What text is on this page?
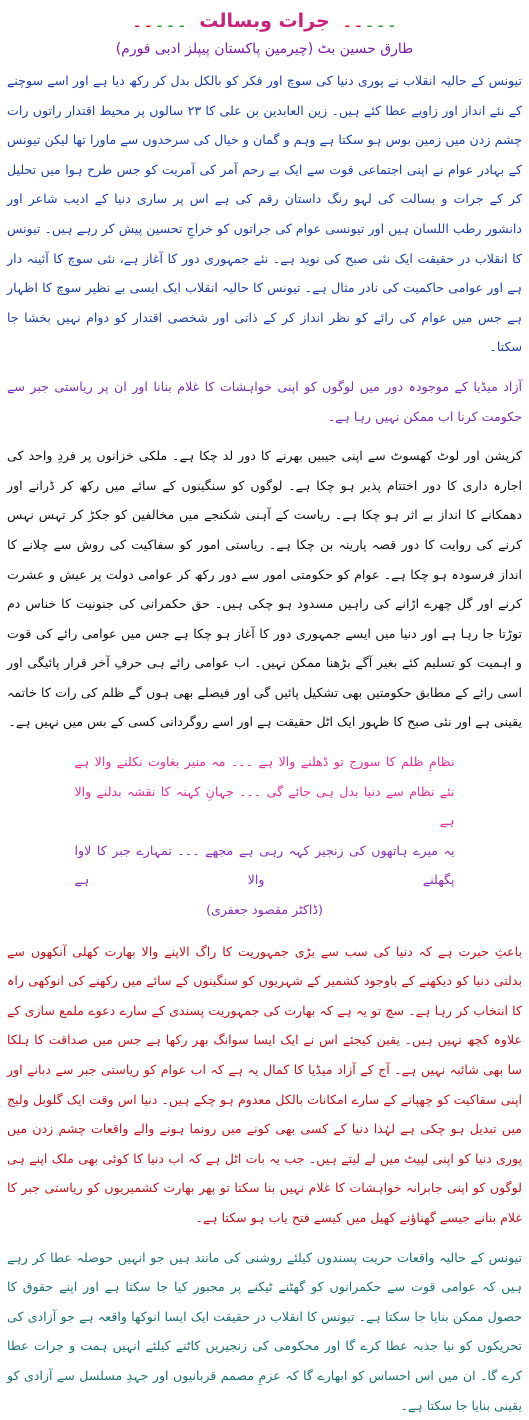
۔۔۔۔۔ جرات وبسالت ۔۔۔۔۔
طارق حسین بٹ (چیرمین پاکستان پیپلز ادبی فورم)

تیونس کے حالیہ انقلاب نے پوری دنیا کی سوچ اور فکر کو بالکل بدل کر رکھ دیا ہے اور اسے سوچنے کے نئے انداز اور زاویے عطا کئے ہیں۔ زین العابدین بن علی کا ۲۳ سالوں پر محیط اقتدار راتوں رات چشم زدن میں زمین بوس ہو سکتا ہے وہم و گمان و خیال کی سرحدوں سے ماورا تھا لیکن تیونس کے بہادر عوام نے اپنی اجتماعی قوت سے ایک بے رحم آمر کی آمریت کو جس طرح ہوا میں تحلیل کر کے جرات و بسالت کی لہو رنگ داستان رقم کی ہے اس پر ساری دنیا کے ادیب شاعر اور دانشور رطب اللسان ہیں اور تیونسی عوام کی جراتوں کو خراجِ تحسین پیش کر رہے ہیں۔ تیونس کا انقلاب در حقیقت ایک نئی صبح کی نوید ہے۔ نئے جمہوری دور کا آغاز ہے، نئی سوچ کا آئینہ دار ہے اور عوامی حاکمیت کی نادر مثال ہے۔ تیونس کا حالیہ انقلاب ایک ایسی بے نظیر سوچ کا اظہار ہے جس میں عوام کی رائے کو نظر انداز کر کے ذاتی اور شخصی اقتدار کو دوام نہیں بخشا جا سکتا۔

آزاد میڈیا کے موجودہ دور میں لوگوں کو اپنی خواہشات کا غلام بنانا اور ان پر ریاستی جبر سے حکومت کرنا اب ممکن نہیں رہا ہے۔

کرپشن اور لوٹ کھسوٹ سے اپنی جیبیں بھرنے کا دور لد چکا ہے۔ ملکی خزانوں پر فردِ واحد کی اجارہ داری کا دور اختتام پذیر ہو چکا ہے۔ لوگوں کو سنگینوں کے سائے میں رکھ کر ڈرانے اور دھمکانے کا انداز بے اثر ہو چکا ہے۔ ریاست کے آہنی شکنجے میں مخالفین کو جکڑ کر تہس نہس کرنے کی روایت کا دور قصہ پارینہ بن چکا ہے۔ ریاستی امور کو سفاکیت کی روش سے چلانے کا انداز فرسودہ ہو چکا ہے۔ عوام کو حکومتی امور سے دور رکھ کر عوامی دولت پر عیش و عشرت کرنے اور گل چھرے اڑانے کی راہیں مسدود ہو چکی ہیں۔ حق حکمرانی کی جنونیت کا خناس دم توڑتا جا رہا ہے اور دنیا میں ایسے جمہوری دور کا آغاز ہو چکا ہے جس میں عوامی رائے کی قوت و اہمیت کو تسلیم کئے بغیر آگے بڑھنا ممکن نہیں۔ اب عوامی رائے ہی حرفِ آخر قرار پائیگی اور اسی رائے کے مطابق حکومتیں بھی تشکیل پائیں گی اور فیصلے بھی ہوں گے ظلم کی رات کا خاتمہ یقینی ہے اور نئی صبح کا ظہور ایک اٹل حقیقت ہے اور اسے روگردانی کسی کے بس میں نہیں ہے۔

نظامِ ظلم کا سورج تو ڈھلنے والا ہے ۔۔۔ مہ منیر بغاوت نکلنے والا ہے
نئے نظام سے دنیا بدل ہی جائے گی ۔۔۔ جہانِ کہنہ کا نقشہ بدلنے والا ہے
یہ میرے ہاتھوں کی زنجیر کہہ رہی ہے مجھے ۔۔۔ تمہارے جبر کا لاوا پگھلنے والا ہے
(ڈاکٹر مقصود جعفری)

باعثِ حیرت ہے کہ دنیا کی سب سے بڑی جمہوریت کا راگ الاپنے والا بھارت کھلی آنکھوں سے بدلتی دنیا کو دیکھنے کے باوجود کشمیر کے شہریوں کو سنگینوں کے سائے میں رکھنے کی انوکھی راہ کا انتخاب کر رہا ہے۔ سچ تو یہ ہے کہ بھارت کی جمہوریت پسندی کے سارے دعوے ملمع سازی کے علاوہ کچھ نہیں ہیں۔ یقین کیجئے اس نے ایک ایسا سوانگ بھر رکھا ہے جس میں صداقت کا ہلکا سا بھی شائبہ نہیں ہے۔ آج کے آزاد میڈیا کا کمال یہ ہے کہ اب عوام کو ریاستی جبر سے دبانے اور اپنی سفاکیت کو چھپانے کے سارے امکانات بالکل معدوم ہو چکے ہیں۔ دنیا اس وقت ایک گلوبل ولیج میں تبدیل ہو چکی ہے لہٰذا دنیا کے کسی بھی کونے میں رونما ہونے والے واقعات چشم زدن میں پوری دنیا کو اپنی لپیٹ میں لے لیتے ہیں۔ جب یہ بات اٹل ہے کہ اب دنیا کا کوئی بھی ملک اپنے ہی لوگوں کو اپنی جابرانہ خواہشات کا غلام نہیں بنا سکتا تو پھر بھارت کشمیریوں کو ریاستی جبر کا غلام بنانے جیسے گھناؤنے کھیل میں کیسے فتح یاب ہو سکتا ہے۔

تیونس کے حالیہ واقعات حریت پسندوں کیلئے روشنی کی مانند ہیں جو انہیں حوصلہ عطا کر رہے ہیں کہ عوامی قوت سے حکمرانوں کو گھٹنے ٹیکنے پر مجبور کیا جا سکتا ہے اور اپنے حقوق کا حصول ممکن بنایا جا سکتا ہے۔ تیونس کا انقلاب در حقیقت ایک ایسا انوکھا واقعہ ہے جو آزادی کی تحریکوں کو نیا جذبہ عطا کرے گا اور محکومی کی زنجیریں کاٹنے کیلئے انہیں ہمت و جرات عطا کرے گا۔ ان میں اس احساس کو ابھارے گا کہ عزمِ مصمم قربانیوں اور جہدِ مسلسل سے آزادی کو یقینی بنایا جا سکتا ہے۔
